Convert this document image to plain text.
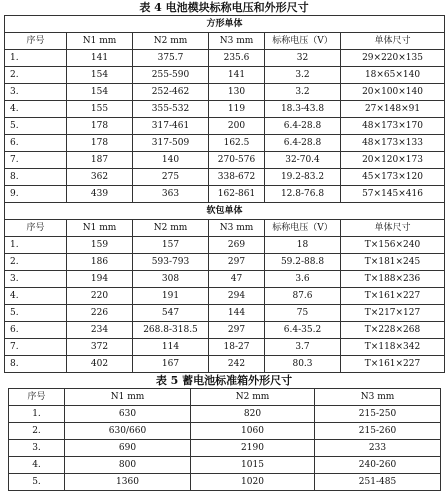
表 4 电池模块标称电压和外形尺寸
方形单体					
序号	N1 mm	N2 mm	N3 mm	标称电压（V）	单体尺寸
1.	141	375.7	235.6	32	29×220×135
2.	154	255-590	141	3.2	18×65×140
3.	154	252-462	130	3.2	20×100×140
4.	155	355-532	119	18.3-43.8	27×148×91
5.	178	317-461	200	6.4-28.8	48×173×170
6.	178	317-509	162.5	6.4-28.8	48×173×133
7.	187	140	270-576	32-70.4	20×120×173
8.	362	275	338-672	19.2-83.2	45×173×120
9.	439	363	162-861	12.8-76.8	57×145×416
软包单体					
序号	N1 mm	N2 mm	N3 mm	标称电压（V）	单体尺寸
1.	159	157	269	18	T×156×240
2.	186	593-793	297	59.2-88.8	T×181×245
3.	194	308	47	3.6	T×188×236
4.	220	191	294	87.6	T×161×227
5.	226	547	144	75	T×217×127
6.	234	268.8-318.5	297	6.4-35.2	T×228×268
7.	372	114	18-27	3.7	T×118×342
8.	402	167	242	80.3	T×161×227
表 5 蓄电池标准箱外形尺寸
序号	N1 mm	N2 mm	N3 mm
1.	630	820	215-250
2.	630/660	1060	215-260
3.	690	2190	233
4.	800	1015	240-260
5.	1360	1020	251-485
